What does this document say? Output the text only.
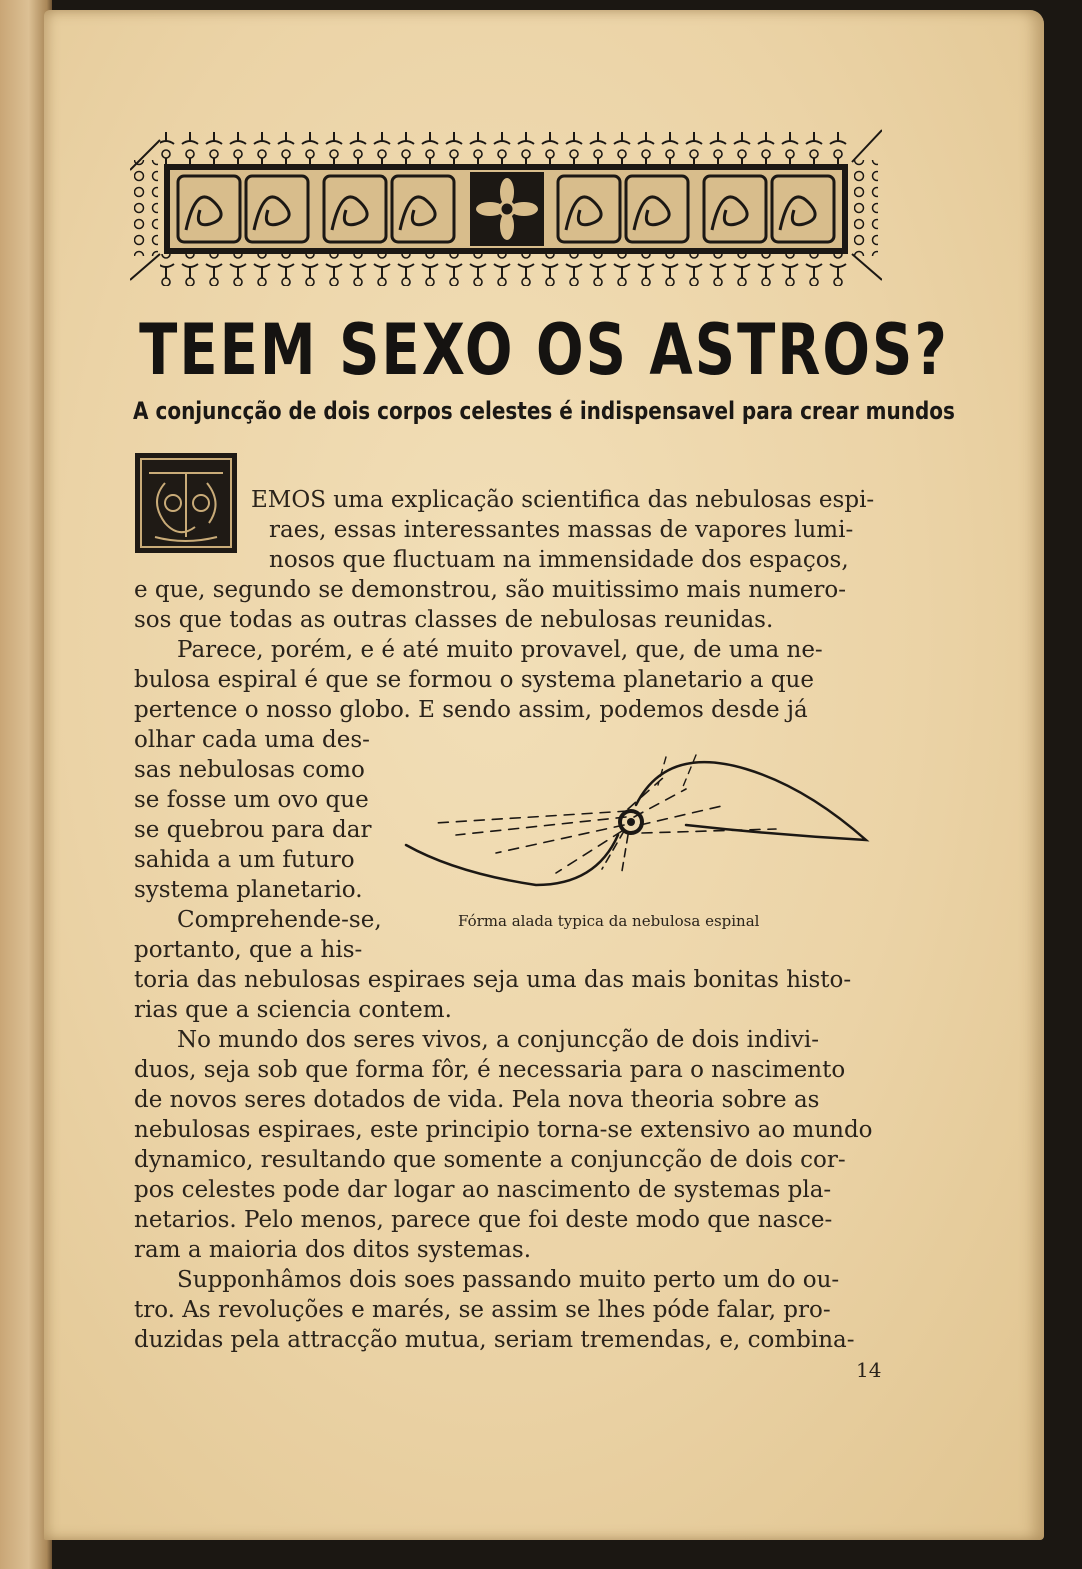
TEEM SEXO OS ASTROS?
A conjuncção de dois corpos celestes é indispensavel para crear mundos
EMOS uma explicação scientifica das nebulosas espi-
raes, essas interessantes massas de vapores lumi-
nosos que fluctuam na immensidade dos espaços,
e que, segundo se demonstrou, são muitissimo mais numero-
sos que todas as outras classes de nebulosas reunidas.
Parece, porém, e é até muito provavel, que, de uma ne-
bulosa espiral é que se formou o systema planetario a que
pertence o nosso globo. E sendo assim, podemos desde já
olhar cada uma des-
sas nebulosas como
se fosse um ovo que
se quebrou para dar
sahida a um futuro
systema planetario.
Comprehende-se,
portanto, que a his-
toria das nebulosas espiraes seja uma das mais bonitas histo-
rias que a sciencia contem.
No mundo dos seres vivos, a conjuncção de dois indivi-
duos, seja sob que forma fôr, é necessaria para o nascimento
de novos seres dotados de vida. Pela nova theoria sobre as
nebulosas espiraes, este principio torna-se extensivo ao mundo
dynamico, resultando que somente a conjuncção de dois cor-
pos celestes pode dar logar ao nascimento de systemas pla-
netarios. Pelo menos, parece que foi deste modo que nasce-
ram a maioria dos ditos systemas.
Supponhâmos dois soes passando muito perto um do ou-
tro. As revoluções e marés, se assim se lhes póde falar, pro-
duzidas pela attracção mutua, seriam tremendas, e, combina-
Fórma alada typica da nebulosa espinal
14
